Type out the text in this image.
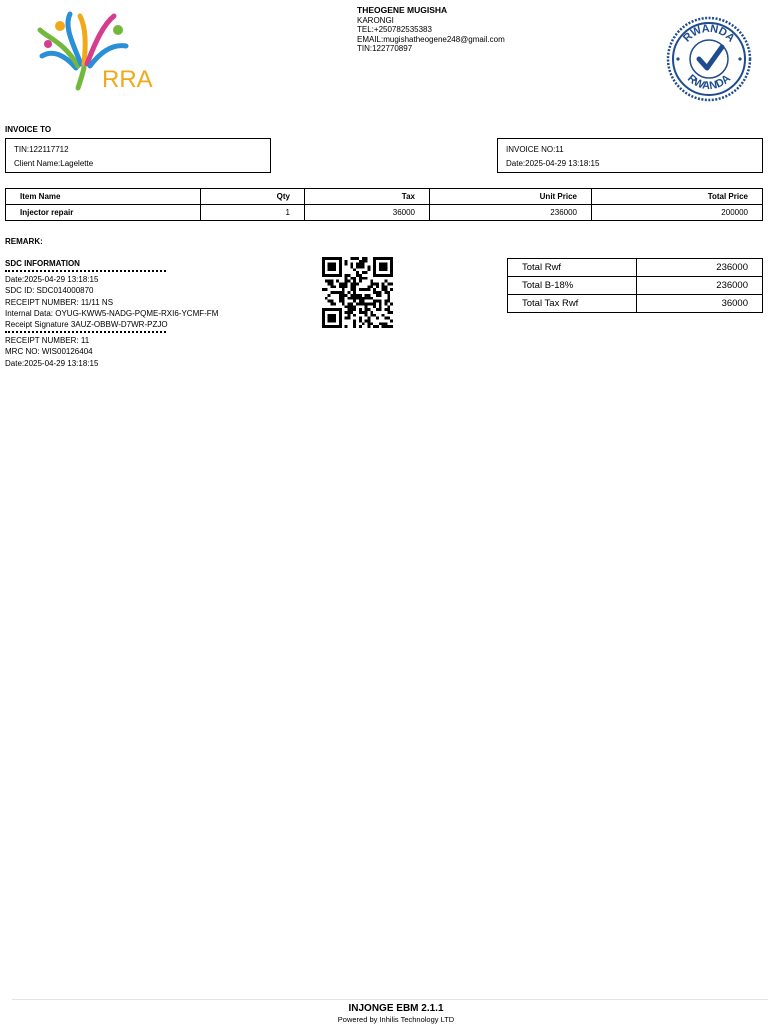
RRA
THEOGENE MUGISHA
KARONGI
TEL:+250782535383
EMAIL:mugishatheogene248@gmail.com
TIN:122770897
RWANDA
RWANDA
INVOICE TO
TIN:122117712
Client Name:Lagelette
INVOICE NO:11
Date:2025-04-29 13:18:15
Item Name	Qty	Tax	Unit Price	Total Price
Injector repair	1	36000	236000	200000
REMARK:
SDC INFORMATION
Date:2025-04-29 13:18:15
SDC ID: SDC014000870
RECEIPT NUMBER: 11/11 NS
Internal Data: OYUG-KWW5-NADG-PQME-RXI6-YCMF-FM
Receipt Signature 3AUZ-OBBW-D7WR-PZJO
RECEIPT NUMBER: 11
MRC NO: WIS00126404
Date:2025-04-29 13:18:15
Total Rwf	236000
Total B-18%	236000
Total Tax Rwf	36000
INJONGE EBM 2.1.1
Powered by Inhilis Technology LTD
